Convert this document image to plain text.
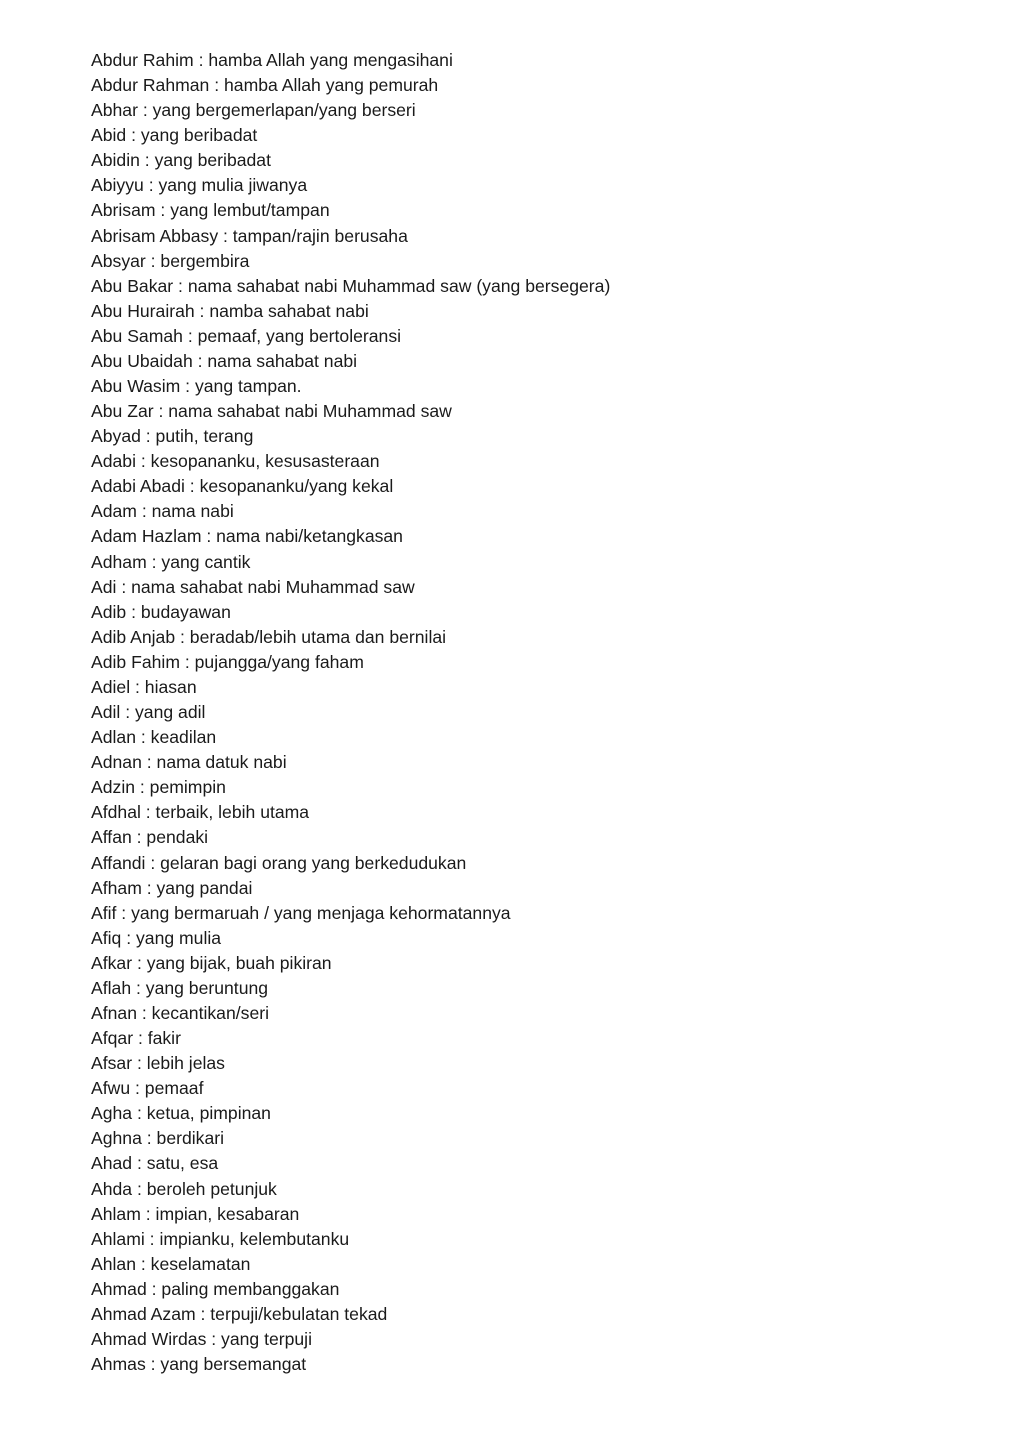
Abdur Rahim : hamba Allah yang mengasihani
Abdur Rahman : hamba Allah yang pemurah
Abhar : yang bergemerlapan/yang berseri
Abid : yang beribadat
Abidin : yang beribadat
Abiyyu : yang mulia jiwanya
Abrisam : yang lembut/tampan
Abrisam Abbasy : tampan/rajin berusaha
Absyar : bergembira
Abu Bakar : nama sahabat nabi Muhammad saw (yang bersegera)
Abu Hurairah : namba sahabat nabi
Abu Samah : pemaaf, yang bertoleransi
Abu Ubaidah : nama sahabat nabi
Abu Wasim : yang tampan.
Abu Zar : nama sahabat nabi Muhammad saw
Abyad : putih, terang
Adabi : kesopananku, kesusasteraan
Adabi Abadi : kesopananku/yang kekal
Adam : nama nabi
Adam Hazlam : nama nabi/ketangkasan
Adham : yang cantik
Adi : nama sahabat nabi Muhammad saw
Adib : budayawan
Adib Anjab : beradab/lebih utama dan bernilai
Adib Fahim : pujangga/yang faham
Adiel : hiasan
Adil : yang adil
Adlan : keadilan
Adnan : nama datuk nabi
Adzin : pemimpin
Afdhal : terbaik, lebih utama
Affan : pendaki
Affandi : gelaran bagi orang yang berkedudukan
Afham : yang pandai
Afif : yang bermaruah / yang menjaga kehormatannya
Afiq : yang mulia
Afkar : yang bijak, buah pikiran
Aflah : yang beruntung
Afnan : kecantikan/seri
Afqar : fakir
Afsar : lebih jelas
Afwu : pemaaf
Agha : ketua, pimpinan
Aghna : berdikari
Ahad : satu, esa
Ahda : beroleh petunjuk
Ahlam : impian, kesabaran
Ahlami : impianku, kelembutanku
Ahlan : keselamatan
Ahmad : paling membanggakan
Ahmad Azam : terpuji/kebulatan tekad
Ahmad Wirdas : yang terpuji
Ahmas : yang bersemangat
